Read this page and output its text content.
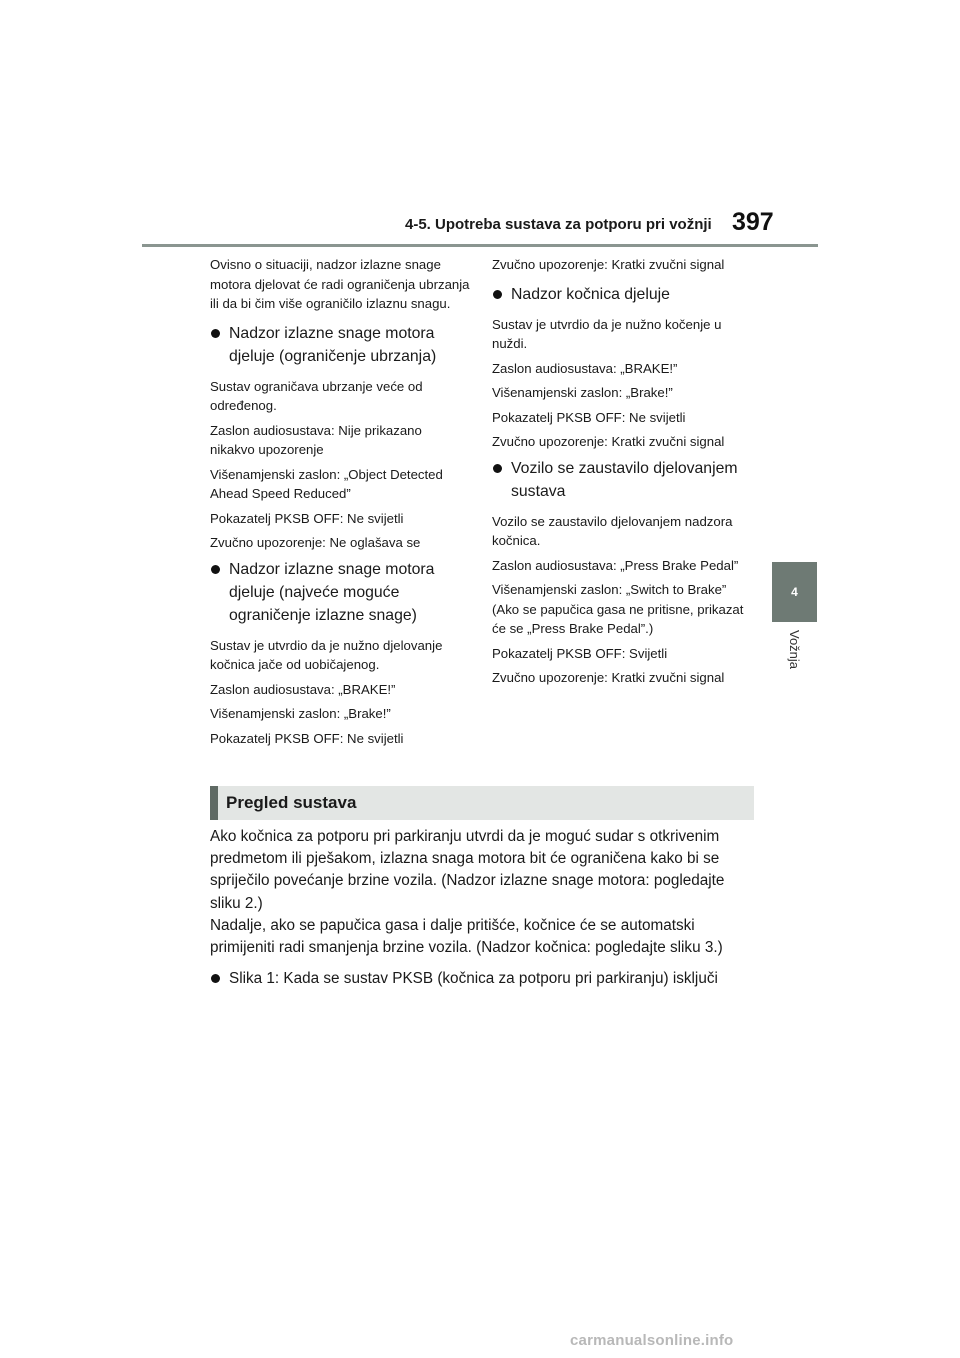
4-5. Upotreba sustava za potporu pri vožnji 397
4
Vožnja

Ovisno o situaciji, nadzor izlazne snage motora djelovat će radi ograničenja ubrzanja ili da bi čim više ograničilo izlaznu snagu.

Nadzor izlazne snage motora djeluje (ograničenje ubrzanja)

Sustav ograničava ubrzanje veće od određenog.

Zaslon audiosustava: Nije prikazano nikakvo upozorenje

Višenamjenski zaslon: „Object Detected Ahead Speed Reduced”

Pokazatelj PKSB OFF: Ne svijetli

Zvučno upozorenje: Ne oglašava se

Nadzor izlazne snage motora djeluje (najveće moguće ograničenje izlazne snage)

Sustav je utvrdio da je nužno djelovanje kočnica jače od uobičajenog.

Zaslon audiosustava: „BRAKE!”

Višenamjenski zaslon: „Brake!”

Pokazatelj PKSB OFF: Ne svijetli

Zvučno upozorenje: Kratki zvučni signal

Nadzor kočnica djeluje

Sustav je utvrdio da je nužno kočenje u nuždi.

Zaslon audiosustava: „BRAKE!”

Višenamjenski zaslon: „Brake!”

Pokazatelj PKSB OFF: Ne svijetli

Zvučno upozorenje: Kratki zvučni signal

Vozilo se zaustavilo djelovanjem sustava

Vozilo se zaustavilo djelovanjem nadzora kočnica.

Zaslon audiosustava: „Press Brake Pedal”

Višenamjenski zaslon: „Switch to Brake” (Ako se papučica gasa ne pritisne, prikazat će se „Press Brake Pedal”.)

Pokazatelj PKSB OFF: Svijetli

Zvučno upozorenje: Kratki zvučni signal

Pregled sustava

Ako kočnica za potporu pri parkiranju utvrdi da je moguć sudar s otkrivenim predmetom ili pješakom, izlazna snaga motora bit će ograničena kako bi se spriječilo povećanje brzine vozila. (Nadzor izlazne snage motora: pogledajte sliku 2.)

Nadalje, ako se papučica gasa i dalje pritišće, kočnice će se automatski primijeniti radi smanjenja brzine vozila. (Nadzor kočnica: pogledajte sliku 3.)

Slika 1: Kada se sustav PKSB (kočnica za potporu pri parkiranju) isključi
carmanualsonline.info
